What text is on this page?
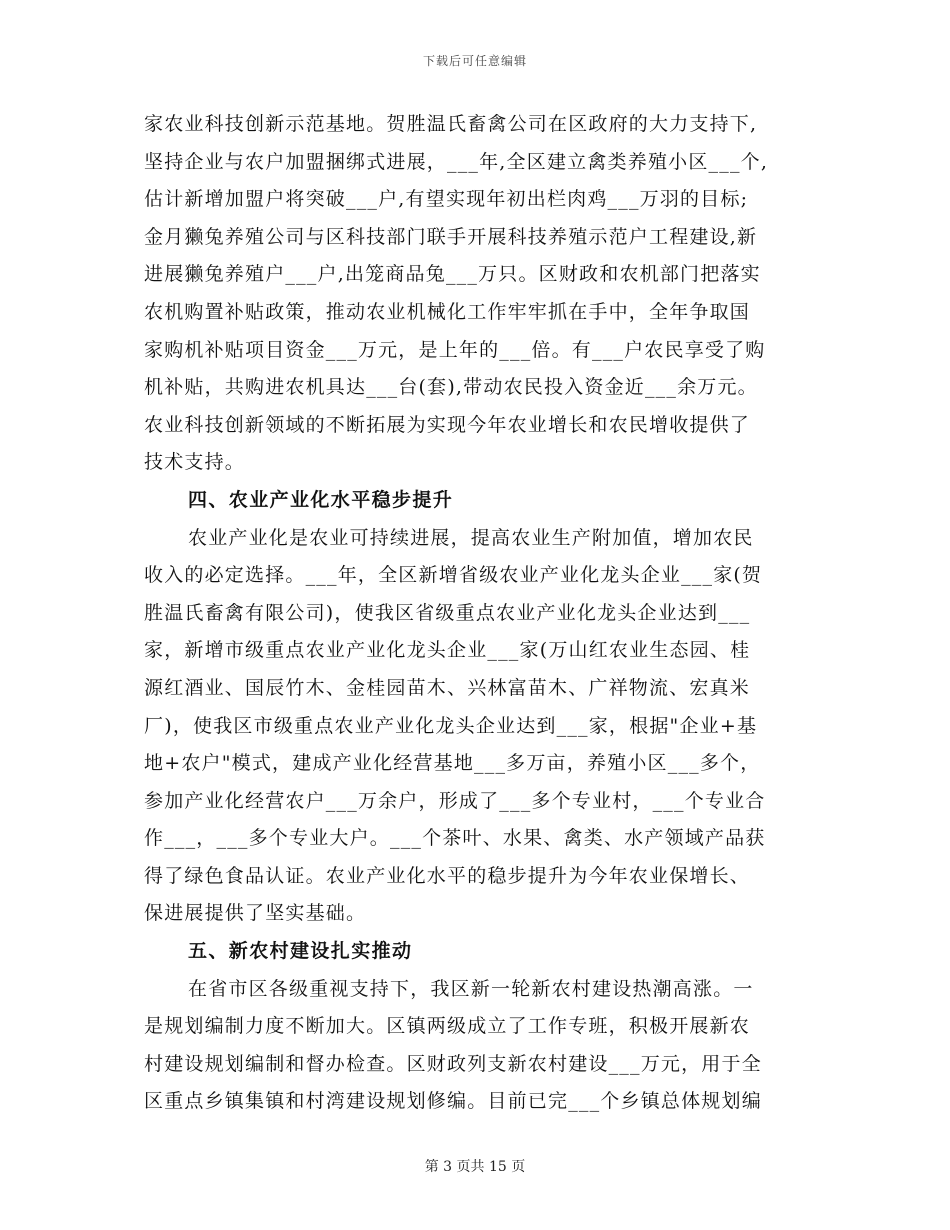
下载后可任意编辑
家农业科技创新示范基地。贺胜温氏畜禽公司在区政府的大力支持下,
坚持企业与农户加盟捆绑式进展，___年,全区建立禽类养殖小区___个,
估计新增加盟户将突破___户,有望实现年初出栏肉鸡___万羽的目标;
金月獭兔养殖公司与区科技部门联手开展科技养殖示范户工程建设,新
进展獭兔养殖户___户,出笼商品兔___万只。区财政和农机部门把落实
农机购置补贴政策，推动农业机械化工作牢牢抓在手中，全年争取国
家购机补贴项目资金___万元，是上年的___倍。有___户农民享受了购
机补贴，共购进农机具达___台(套),带动农民投入资金近___余万元。
农业科技创新领域的不断拓展为实现今年农业增长和农民增收提供了
技术支持。
四、农业产业化水平稳步提升
农业产业化是农业可持续进展，提高农业生产附加值，增加农民
收入的必定选择。___年，全区新增省级农业产业化龙头企业___家(贺
胜温氏畜禽有限公司)，使我区省级重点农业产业化龙头企业达到___
家，新增市级重点农业产业化龙头企业___家(万山红农业生态园、桂
源红酒业、国辰竹木、金桂园苗木、兴林富苗木、广祥物流、宏真米
厂)，使我区市级重点农业产业化龙头企业达到___家，根据"企业+基
地+农户"模式，建成产业化经营基地___多万亩，养殖小区___多个，
参加产业化经营农户___万余户，形成了___多个专业村，___个专业合
作___，___多个专业大户。___个茶叶、水果、禽类、水产领域产品获
得了绿色食品认证。农业产业化水平的稳步提升为今年农业保增长、
保进展提供了坚实基础。
五、新农村建设扎实推动
在省市区各级重视支持下，我区新一轮新农村建设热潮高涨。一
是规划编制力度不断加大。区镇两级成立了工作专班，积极开展新农
村建设规划编制和督办检查。区财政列支新农村建设___万元，用于全
区重点乡镇集镇和村湾建设规划修编。目前已完___个乡镇总体规划编
第 3 页共 15 页
